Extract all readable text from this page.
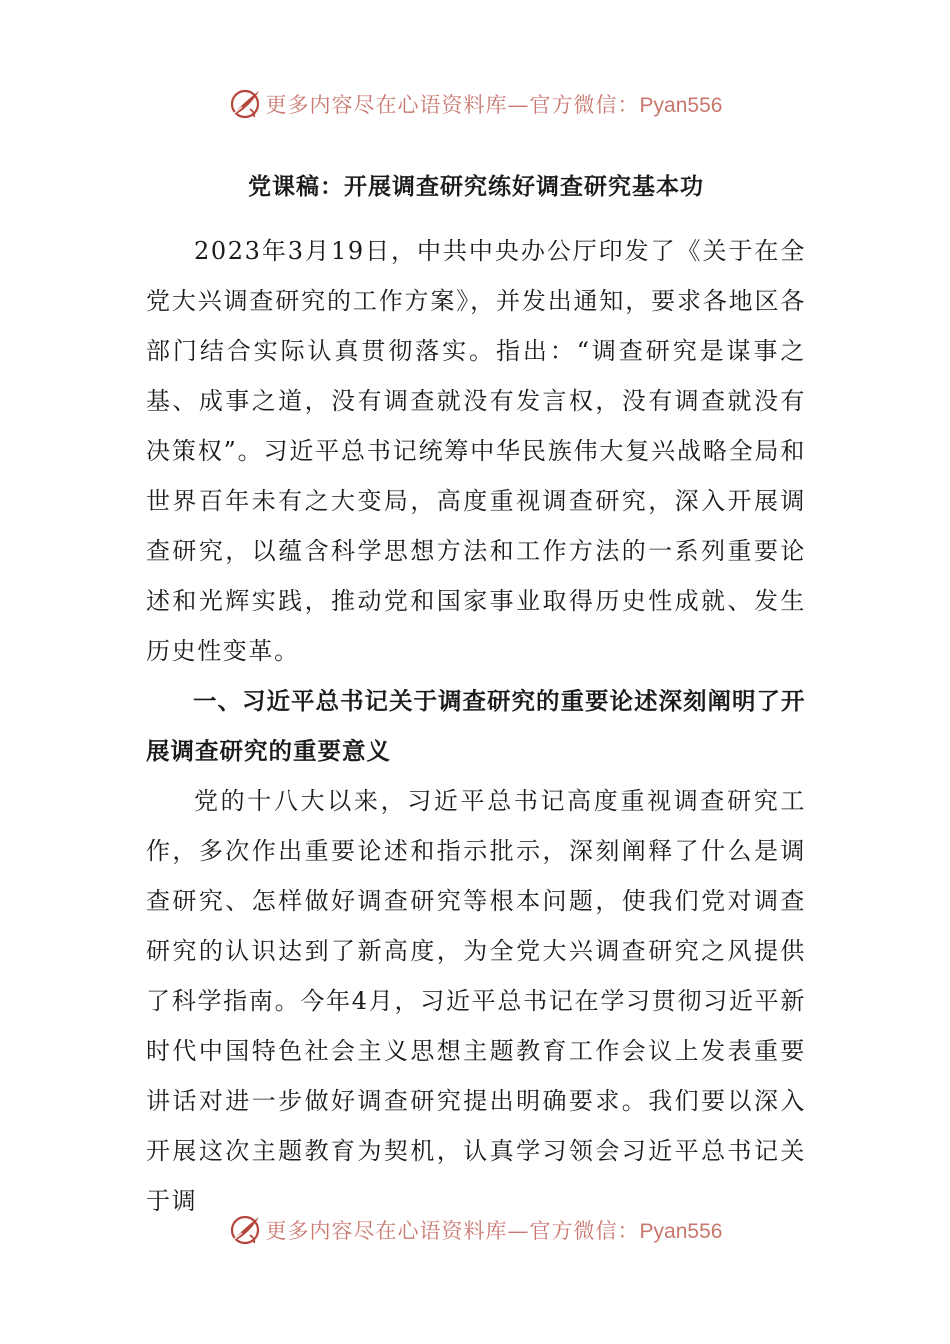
更多内容尽在心语资料库—官方微信：Pyan556
党课稿：开展调查研究练好调查研究基本功

2023年3月19日，中共中央办公厅印发了《关于在全党大兴调查研究的工作方案》，并发出通知，要求各地区各部门结合实际认真贯彻落实。指出：“调查研究是谋事之基、成事之道，没有调查就没有发言权，没有调查就没有决策权”。习近平总书记统筹中华民族伟大复兴战略全局和世界百年未有之大变局，高度重视调查研究，深入开展调查研究，以蕴含科学思想方法和工作方法的一系列重要论述和光辉实践，推动党和国家事业取得历史性成就、发生历史性变革。

一、习近平总书记关于调查研究的重要论述深刻阐明了开展调查研究的重要意义

党的十八大以来，习近平总书记高度重视调查研究工作，多次作出重要论述和指示批示，深刻阐释了什么是调查研究、怎样做好调查研究等根本问题，使我们党对调查研究的认识达到了新高度，为全党大兴调查研究之风提供了科学指南。今年4月，习近平总书记在学习贯彻习近平新时代中国特色社会主义思想主题教育工作会议上发表重要讲话对进一步做好调查研究提出明确要求。我们要以深入开展这次主题教育为契机，认真学习领会习近平总书记关于调

更多内容尽在心语资料库—官方微信：Pyan556
